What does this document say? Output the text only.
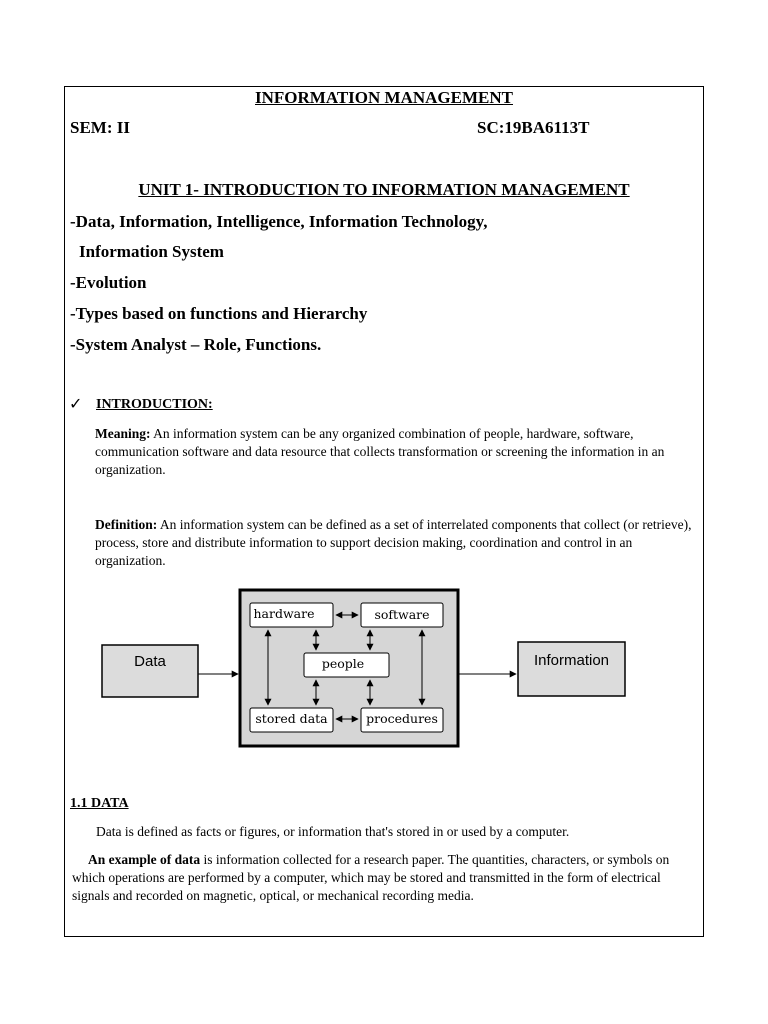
INFORMATION MANAGEMENT
SEM: II	SC:19BA6113T
UNIT 1- INTRODUCTION TO INFORMATION MANAGEMENT
-Data, Information, Intelligence, Information Technology,
Information System
-Evolution
-Types based on functions and Hierarchy
-System Analyst – Role, Functions.
✓ INTRODUCTION:
Meaning: An information system can be any organized combination of people, hardware, software, communication software and data resource that collects transformation or screening the information in an organization.
Definition: An information system can be defined as a set of interrelated components that collect (or retrieve), process, store and distribute information to support decision making, coordination and control in an organization.
Data	Information
hardware	software
people
stored data	procedures
1.1 DATA
Data is defined as facts or figures, or information that's stored in or used by a computer.
An example of data is information collected for a research paper. The quantities, characters, or symbols on which operations are performed by a computer, which may be stored and transmitted in the form of electrical signals and recorded on magnetic, optical, or mechanical recording media.
